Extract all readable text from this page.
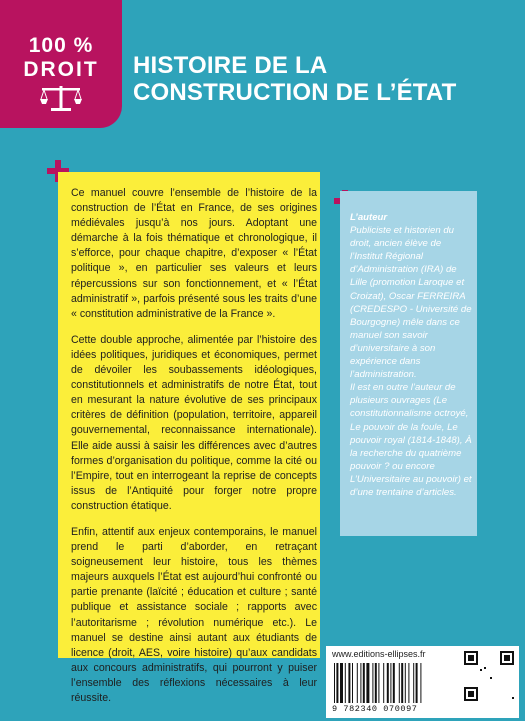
100 %
DROIT	HISTOIRE DE LA
CONSTRUCTION DE L’ÉTAT

Ce manuel couvre l’ensemble de l’histoire de la construction de l’État en France, de ses origines médiévales jusqu’à nos jours. Adoptant une démarche à la fois thématique et chronologique, il s’efforce, pour chaque chapitre, d’exposer « l’État politique », en particulier ses valeurs et leurs répercussions sur son fonctionnement, et « l’État administratif », parfois présenté sous les traits d’une « constitution administrative de la France ».

Cette double approche, alimentée par l’histoire des idées politiques, juridiques et économiques, permet de dévoiler les soubassements idéologiques, constitutionnels et administratifs de notre État, tout en mesurant la nature évolutive de ses principaux critères de définition (population, territoire, appareil gouvernemental, reconnaissance internationale). Elle aide aussi à saisir les différences avec d’autres formes d’organisation du politique, comme la cité ou l’Empire, tout en interrogeant la reprise de concepts issus de l’Antiquité pour forger notre propre construction étatique.

Enfin, attentif aux enjeux contemporains, le manuel prend le parti d’aborder, en retraçant soigneusement leur histoire, tous les thèmes majeurs auxquels l’État est aujourd’hui confronté ou partie prenante (laïcité ; éducation et culture ; santé publique et assistance sociale ; rapports avec l’autoritarisme ; révolution numérique etc.). Le manuel se destine ainsi autant aux étudiants de licence (droit, AES, voire histoire) qu’aux candidats aux concours administratifs, qui pourront y puiser l’ensemble des réflexions nécessaires à leur réussite.

L’auteur
Publiciste et historien du droit, ancien élève de l’Institut Régional d’Administration (IRA) de Lille (promotion Laroque et Croizat), Oscar FERREIRA (CREDESPO - Université de Bourgogne) mêle dans ce manuel son savoir d’universitaire à son expérience dans l’administration.
Il est en outre l’auteur de plusieurs ouvrages (Le constitutionnalisme octroyé, Le pouvoir de la foule, Le pouvoir royal (1814-1848), À la recherche du quatrième pouvoir ? ou encore L’Universitaire au pouvoir) et d’une trentaine d’articles.
www.editions-ellipses.fr
9 782340 070097
